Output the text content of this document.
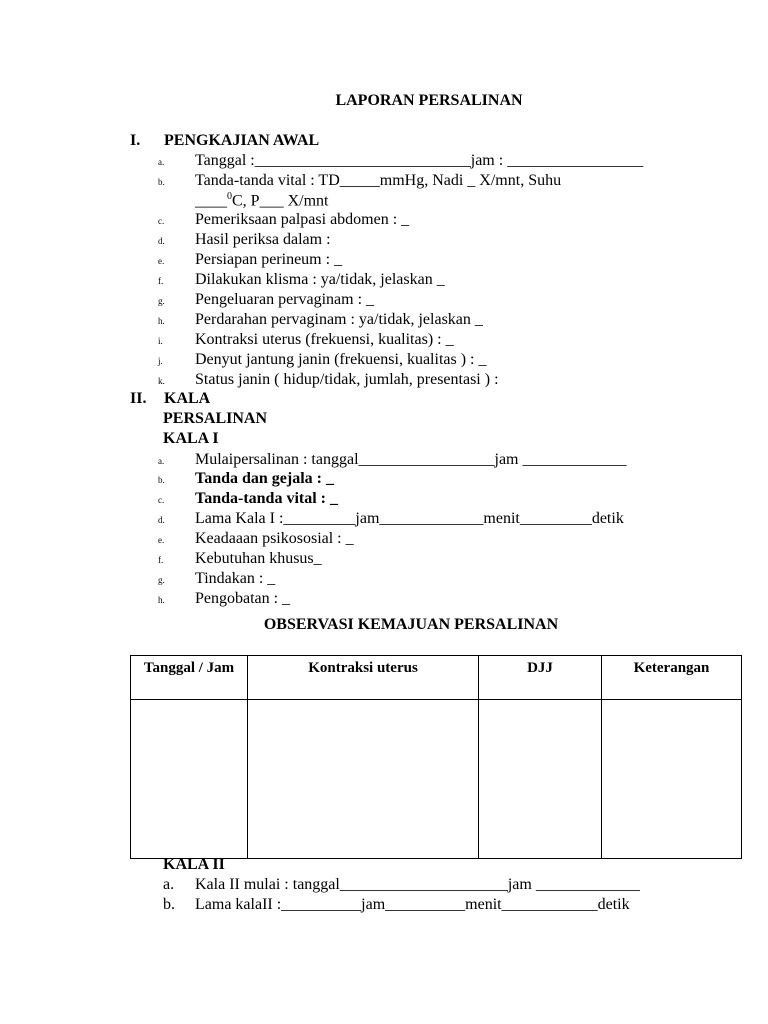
LAPORAN PERSALINAN
I. PENGKAJIAN AWAL
a. Tanggal :___________________________jam : _________________
b. Tanda-tanda vital : TD_____mmHg, Nadi _ X/mnt, Suhu
____$^0$C, P___ X/mnt
c. Pemeriksaan palpasi abdomen : _
d. Hasil periksa dalam :
e. Persiapan perineum : _
f. Dilakukan klisma : ya/tidak, jelaskan _
g. Pengeluaran pervaginam : _
h. Perdarahan pervaginam : ya/tidak, jelaskan _
i. Kontraksi uterus (frekuensi, kualitas) : _
j. Denyut jantung janin (frekuensi, kualitas ) : _
k. Status janin ( hidup/tidak, jumlah, presentasi ) :
II. KALA
PERSALINAN
KALA I
a. Mulaipersalinan : tanggal_________________jam _____________
b. Tanda dan gejala : _
c. Tanda-tanda vital : _
d. Lama Kala I :_________jam_____________menit_________detik
e. Keadaaan psikososial : _
f. Kebutuhan khusus_
g. Tindakan : _
h. Pengobatan : _
OBSERVASI KEMAJUAN PERSALINAN
Tanggal / Jam	Kontraksi uterus	DJJ	Keterangan

KALA II
a. Kala II mulai : tanggal_____________________jam _____________
b. Lama kalaII :__________jam__________menit____________detik
